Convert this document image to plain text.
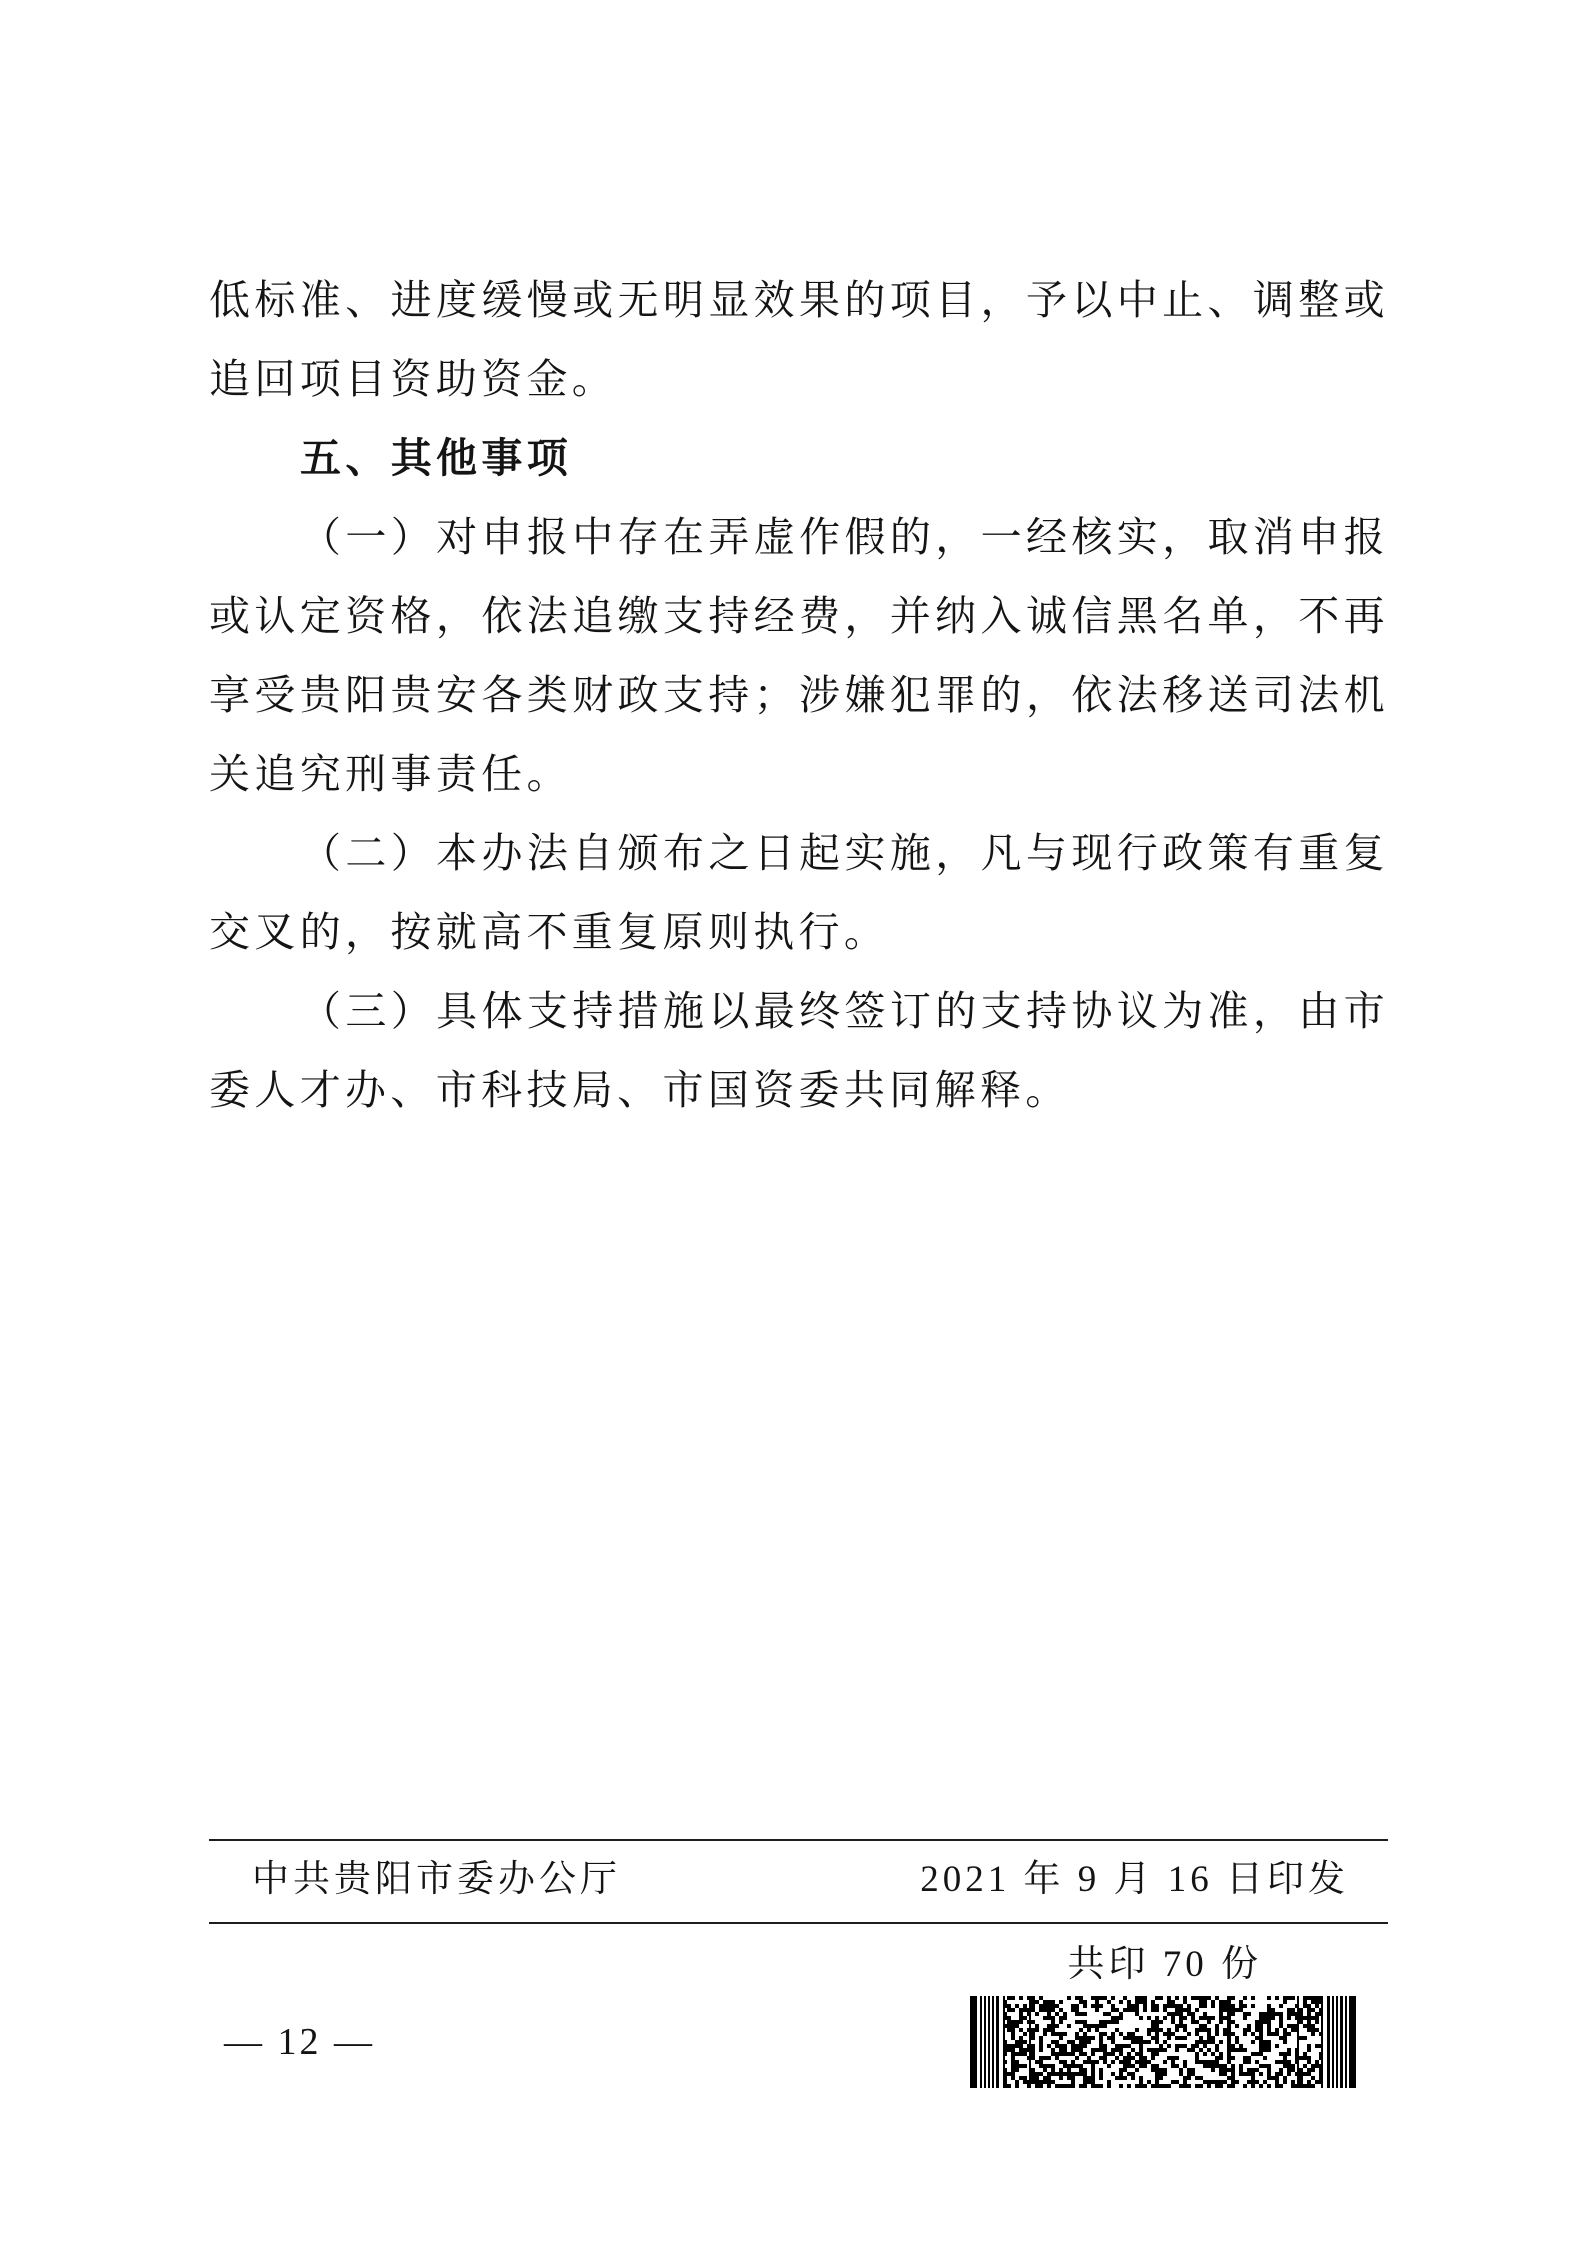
低标准、进度缓慢或无明显效果的项目，予以中止、调整或
追回项目资助资金。
五、其他事项
（一）对申报中存在弄虚作假的，一经核实，取消申报
或认定资格，依法追缴支持经费，并纳入诚信黑名单，不再
享受贵阳贵安各类财政支持；涉嫌犯罪的，依法移送司法机
关追究刑事责任。
（二）本办法自颁布之日起实施，凡与现行政策有重复
交叉的，按就高不重复原则执行。
（三）具体支持措施以最终签订的支持协议为准，由市
委人才办、市科技局、市国资委共同解释。
中共贵阳市委办公厅	2021 年 9 月 16 日印发
共印 70 份
— 12 —
